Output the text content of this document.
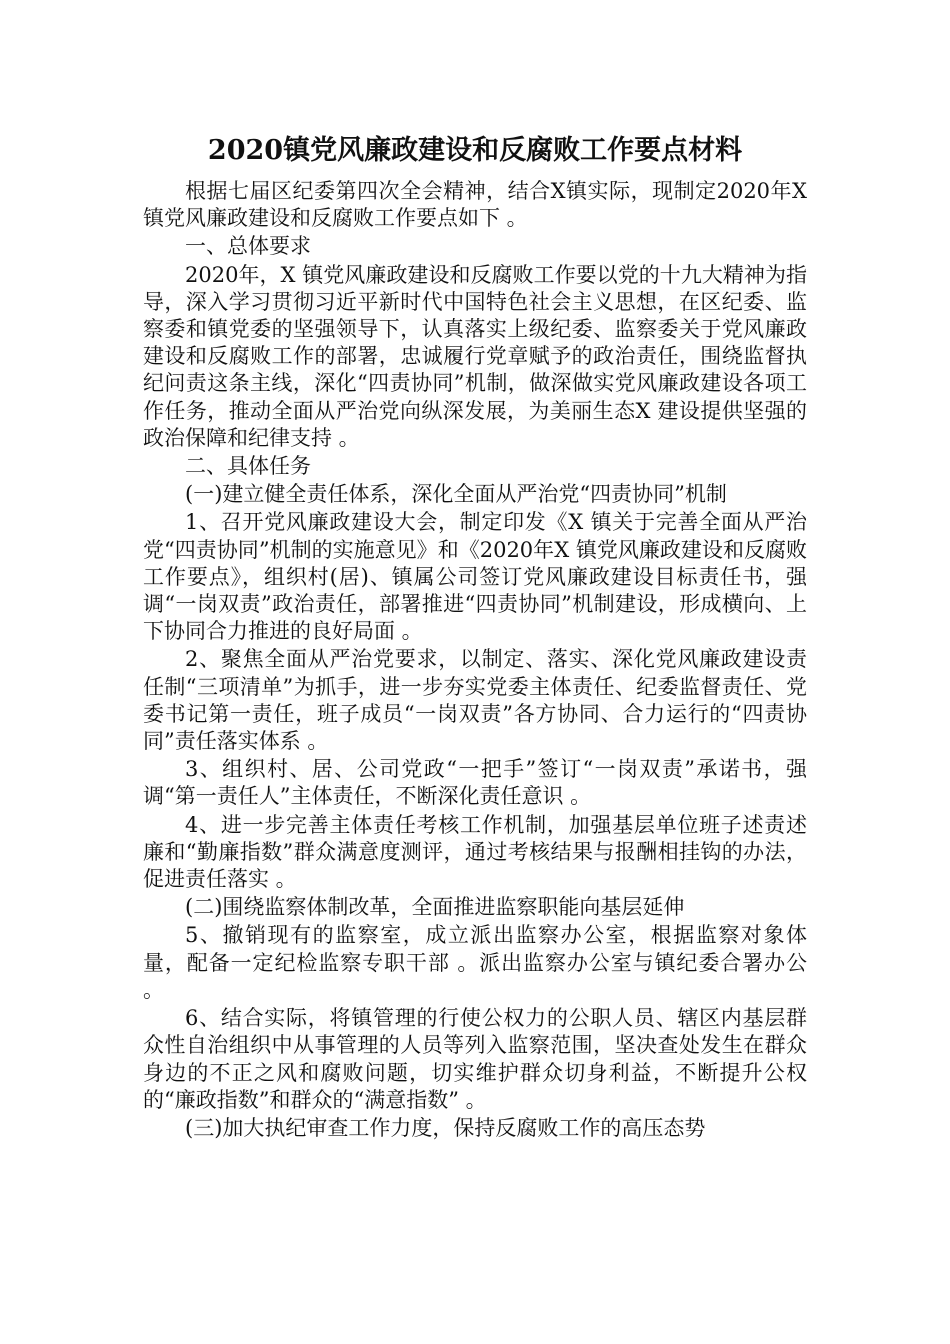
2020镇党风廉政建设和反腐败工作要点材料

根据七届区纪委第四次全会精神，结合X镇实际，现制定2020年X镇党风廉政建设和反腐败工作要点如下 。

一、总体要求

2020年，X 镇党风廉政建设和反腐败工作要以党的十九大精神为指导，深入学习贯彻习近平新时代中国特色社会主义思想，在区纪委、监察委和镇党委的坚强领导下，认真落实上级纪委、监察委关于党风廉政建设和反腐败工作的部署，忠诚履行党章赋予的政治责任，围绕监督执纪问责这条主线，深化“四责协同”机制，做深做实党风廉政建设各项工作任务，推动全面从严治党向纵深发展，为美丽生态X 建设提供坚强的政治保障和纪律支持 。

二、具体任务

(一)建立健全责任体系，深化全面从严治党“四责协同”机制

1、召开党风廉政建设大会，制定印发《X 镇关于完善全面从严治党“四责协同”机制的实施意见》和《2020年X 镇党风廉政建设和反腐败工作要点》，组织村(居)、镇属公司签订党风廉政建设目标责任书，强调“一岗双责”政治责任，部署推进“四责协同”机制建设，形成横向、上下协同合力推进的良好局面 。

2、聚焦全面从严治党要求，以制定、落实、深化党风廉政建设责任制“三项清单”为抓手，进一步夯实党委主体责任、纪委监督责任、党委书记第一责任，班子成员“一岗双责”各方协同、合力运行的“四责协同”责任落实体系 。

3、组织村、居、公司党政“一把手”签订“一岗双责”承诺书，强调“第一责任人”主体责任，不断深化责任意识 。

4、进一步完善主体责任考核工作机制，加强基层单位班子述责述廉和“勤廉指数”群众满意度测评，通过考核结果与报酬相挂钩的办法，促进责任落实 。

(二)围绕监察体制改革，全面推进监察职能向基层延伸

5、撤销现有的监察室，成立派出监察办公室，根据监察对象体量，配备一定纪检监察专职干部 。派出监察办公室与镇纪委合署办公 。

6、结合实际，将镇管理的行使公权力的公职人员、辖区内基层群众性自治组织中从事管理的人员等列入监察范围，坚决查处发生在群众身边的不正之风和腐败问题，切实维护群众切身利益，不断提升公权的“廉政指数”和群众的“满意指数” 。

(三)加大执纪审查工作力度，保持反腐败工作的高压态势
